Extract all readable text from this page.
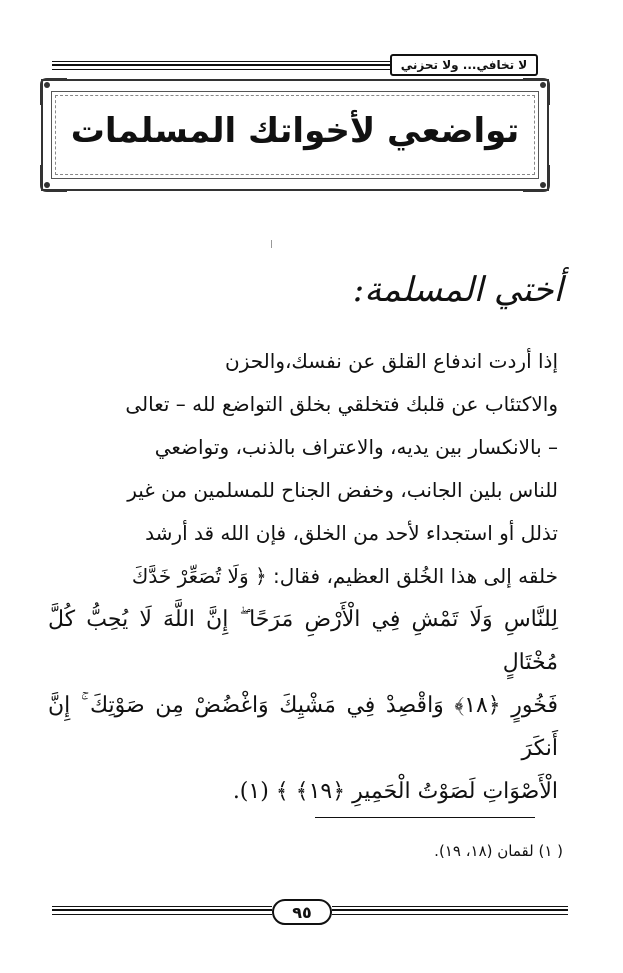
لا تخافي... ولا تحزني
تواضعي لأخواتك المسلمات
أختي المسلمة:

إذا أردت اندفاع القلق عن نفسك،والحزن

والاكتئاب عن قلبك فتخلقي بخلق التواضع لله – تعالى

– بالانكسار بين يديه، والاعتراف بالذنب، وتواضعي

للناس بلين الجانب، وخفض الجناح للمسلمين من غير

تذلل أو استجداء لأحد من الخلق، فإن الله قد أرشد

خلقه إلى هذا الخُلق العظيم، فقال: ﴿ وَلَا تُصَعِّرْ خَدَّكَ

لِلنَّاسِ وَلَا تَمْشِ فِي الْأَرْضِ مَرَحًا ۖ إِنَّ اللَّهَ لَا يُحِبُّ كُلَّ مُخْتَالٍ

فَخُورٍ ﴿١٨﴾ وَاقْصِدْ فِي مَشْيِكَ وَاغْضُضْ مِن صَوْتِكَ ۚ إِنَّ أَنكَرَ

الْأَصْوَاتِ لَصَوْتُ الْحَمِيرِ ﴿١٩﴾ ﴾ (١).

( ١) لقمان (١٨، ١٩).
٩٥
